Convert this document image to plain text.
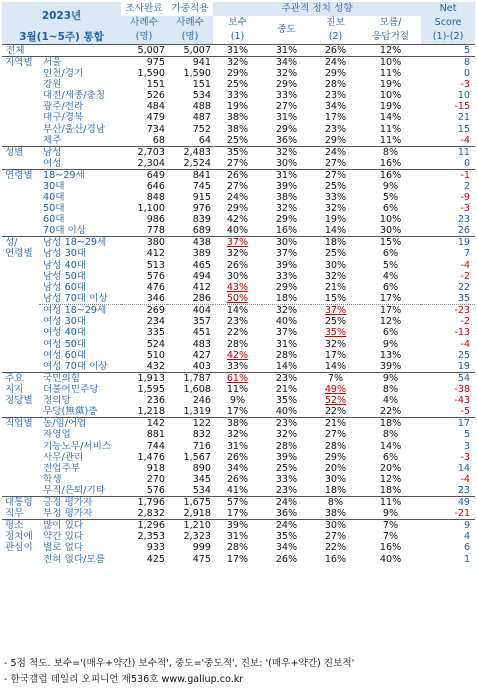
2023년		조사완료	가중적용	주관적 정치 성향				Net
		사례수	사례수	보수	중도	진보	모름/	Score
3월(1~5주) 통합		(명)	(명)	(1)		(2)	응답거절	(1)-(2)
전체		5,007	5,007	31%	31%	26%	12%	5
지역별	서울	975	941	32%	34%	24%	10%	8
	인천/경기	1,590	1,590	29%	32%	29%	11%	0
	강원	151	151	25%	29%	28%	19%	-3
	대전/세종/충청	526	534	33%	33%	23%	10%	10
	광주/전라	484	488	19%	27%	34%	19%	-15
	대구/경북	479	487	38%	31%	17%	14%	21
	부산/울산/경남	734	752	38%	29%	23%	11%	15
	제주	68	64	25%	36%	29%	11%	-4
성별	남성	2,703	2,483	35%	32%	24%	8%	11
	여성	2,304	2,524	27%	30%	27%	16%	0
연령별	18~29세	649	841	26%	31%	27%	16%	-1
	30대	646	745	27%	39%	25%	9%	2
	40대	848	915	24%	38%	33%	5%	-9
	50대	1,100	976	29%	32%	32%	6%	-3
	60대	986	839	42%	29%	19%	10%	23
	70대 이상	778	689	40%	16%	14%	30%	26
성/
연령별	남성 18~29세	380	438	37%	30%	18%	15%	19
	남성 30대	412	389	32%	37%	25%	6%	7
	남성 40대	513	465	26%	39%	30%	5%	-4
	남성 50대	576	494	30%	33%	32%	4%	-2
	남성 60대	476	412	43%	29%	21%	6%	22
	남성 70대 이상	346	286	50%	18%	15%	17%	35
	여성 18~29세	269	404	14%	32%	37%	17%	-23
	여성 30대	234	357	23%	40%	25%	12%	-2
	여성 40대	335	451	22%	37%	35%	6%	-13
	여성 50대	524	483	28%	31%	32%	9%	-4
	여성 60대	510	427	42%	28%	17%	13%	25
	여성 70대 이상	432	403	33%	14%	14%	39%	19
주요
지지
정당별	국민의힘	1,913	1,787	61%	23%	7%	9%	54
	더불어민주당	1,595	1,608	11%	21%	49%	8%	-38
	정의당	236	246	9%	35%	52%	4%	-43
	무당(無黨)층	1,218	1,319	17%	40%	22%	22%	-5
직업별	농/임/어업	142	122	38%	23%	21%	18%	17
	자영업	881	832	32%	32%	27%	8%	5
	기능노무/서비스	744	716	31%	28%	28%	14%	3
	사무/관리	1,476	1,567	26%	39%	29%	6%	-3
	전업주부	918	890	34%	25%	20%	20%	14
	학생	270	345	26%	33%	30%	12%	-4
	무직/은퇴/기타	576	534	41%	23%	18%	18%	23
대통령
직무	긍정 평가자	1,796	1,675	57%	24%	8%	11%	49
	부정 평가자	2,832	2,918	17%	36%	38%	9%	-21
평소
정치에
관심이	많이 있다	1,296	1,210	39%	24%	30%	7%	9
	약간 있다	2,353	2,323	31%	35%	27%	7%	4
	별로 없다	933	999	28%	34%	22%	16%	6
	전혀 없다/모름	425	475	17%	26%	16%	40%	1
- 5점 척도. 보수='(매우+약간) 보수적', 중도='중도적', 진보: '(매우+약간) 진보적'
- 한국갤럽 데일리 오피니언 제536호 www.gallup.co.kr
